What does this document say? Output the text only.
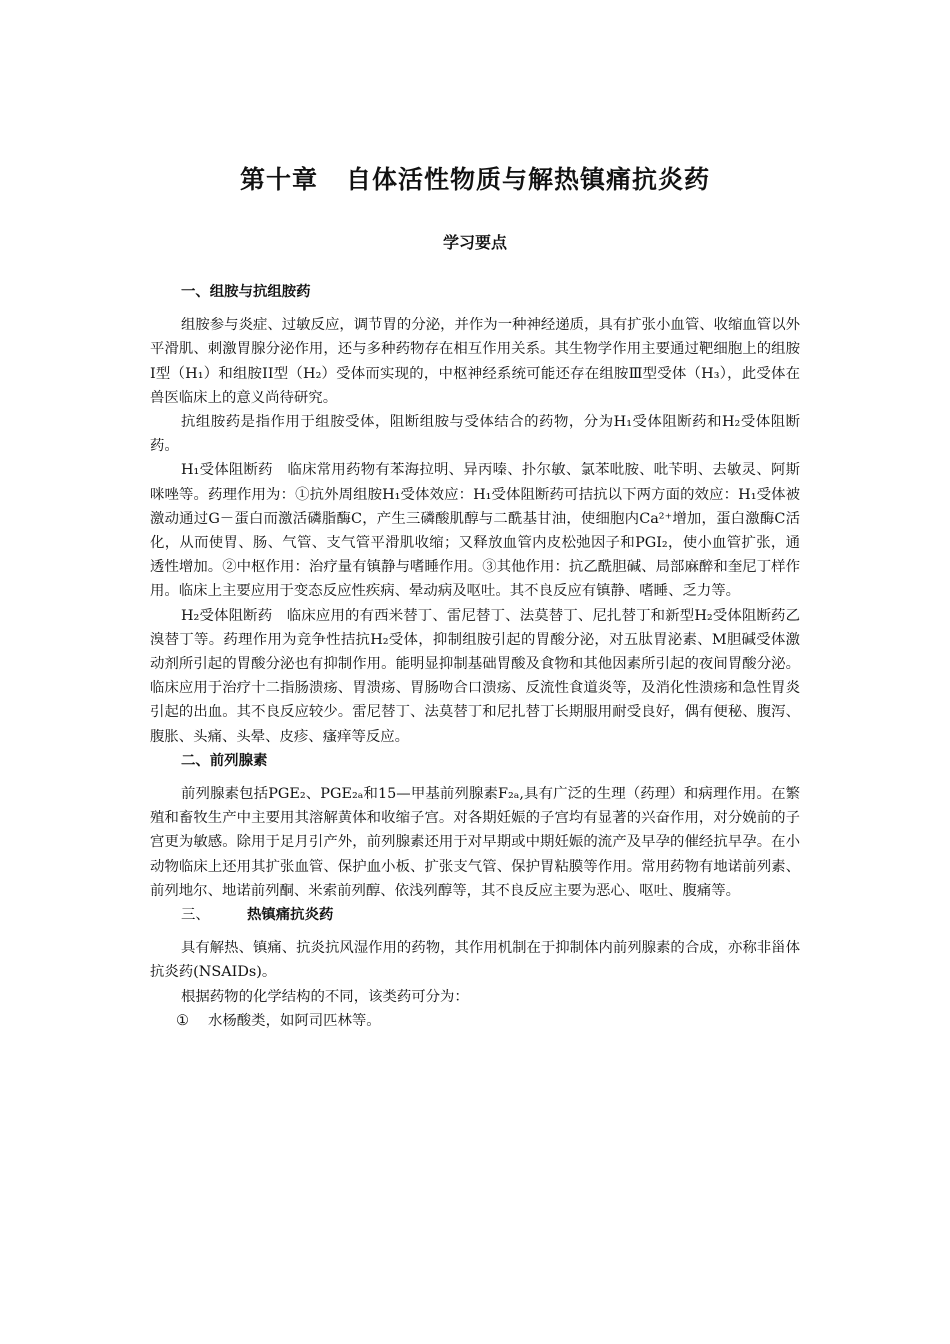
第十章 自体活性物质与解热镇痛抗炎药
学习要点
一、组胺与抗组胺药

组胺参与炎症、过敏反应，调节胃的分泌，并作为一种神经递质，具有扩张小血管、收缩血管以外平滑肌、刺激胃腺分泌作用，还与多种药物存在相互作用关系。其生物学作用主要通过靶细胞上的组胺Ⅰ型（H₁）和组胺II型（H₂）受体而实现的，中枢神经系统可能还存在组胺Ⅲ型受体（H₃），此受体在兽医临床上的意义尚待研究。

抗组胺药是指作用于组胺受体，阻断组胺与受体结合的药物，分为H₁受体阻断药和H₂受体阻断药。

H₁受体阻断药　临床常用药物有苯海拉明、异丙嗪、扑尔敏、氯苯吡胺、吡苄明、去敏灵、阿斯咪唑等。药理作用为：①抗外周组胺H₁受体效应：H₁受体阻断药可拮抗以下两方面的效应：H₁受体被激动通过G－蛋白而激活磷脂酶C，产生三磷酸肌醇与二酰基甘油，使细胞内Ca²⁺增加，蛋白激酶C活化，从而使胃、肠、气管、支气管平滑肌收缩；又释放血管内皮松弛因子和PGI₂，使小血管扩张，通透性增加。②中枢作用：治疗量有镇静与嗜睡作用。③其他作用：抗乙酰胆碱、局部麻醉和奎尼丁样作用。临床上主要应用于变态反应性疾病、晕动病及呕吐。其不良反应有镇静、嗜睡、乏力等。

H₂受体阻断药　临床应用的有西米替丁、雷尼替丁、法莫替丁、尼扎替丁和新型H₂受体阻断药乙溴替丁等。药理作用为竞争性拮抗H₂受体，抑制组胺引起的胃酸分泌，对五肽胃泌素、M胆碱受体激动剂所引起的胃酸分泌也有抑制作用。能明显抑制基础胃酸及食物和其他因素所引起的夜间胃酸分泌。临床应用于治疗十二指肠溃疡、胃溃疡、胃肠吻合口溃疡、反流性食道炎等，及消化性溃疡和急性胃炎引起的出血。其不良反应较少。雷尼替丁、法莫替丁和尼扎替丁长期服用耐受良好，偶有便秘、腹泻、腹胀、头痛、头晕、皮疹、瘙痒等反应。

二、前列腺素

前列腺素包括PGE₂、PGE₂ₐ和15—甲基前列腺素F₂ₐ,具有广泛的生理（药理）和病理作用。在繁殖和畜牧生产中主要用其溶解黄体和收缩子宫。对各期妊娠的子宫均有显著的兴奋作用，对分娩前的子宫更为敏感。除用于足月引产外，前列腺素还用于对早期或中期妊娠的流产及早孕的催经抗早孕。在小动物临床上还用其扩张血管、保护血小板、扩张支气管、保护胃粘膜等作用。常用药物有地诺前列素、前列地尔、地诺前列酮、米索前列醇、依浅列醇等，其不良反应主要为恶心、呕吐、腹痛等。

三、	热镇痛抗炎药

具有解热、镇痛、抗炎抗风湿作用的药物，其作用机制在于抑制体内前列腺素的合成，亦称非甾体抗炎药(NSAIDs)。

根据药物的化学结构的不同，该类药可分为：

① 水杨酸类，如阿司匹林等。
